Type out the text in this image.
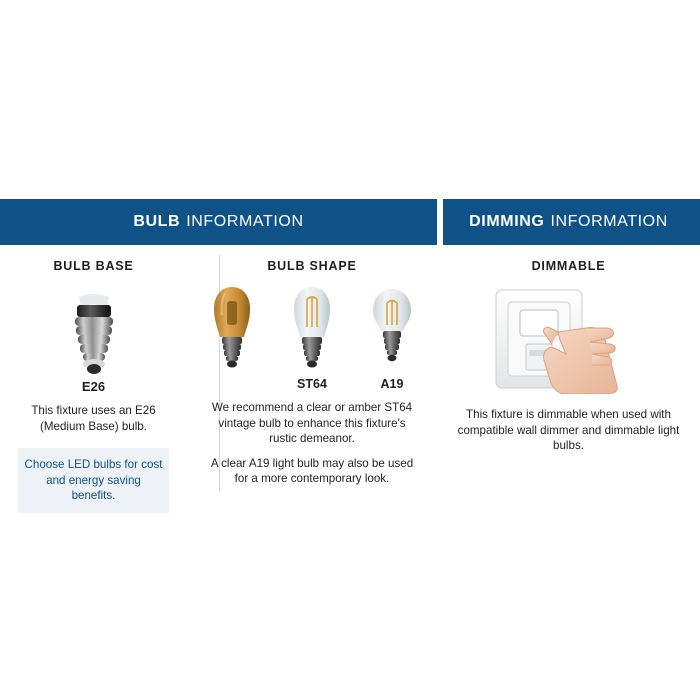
BULB INFORMATION
BULB BASE
E26
This fixture uses an E26 (Medium Base) bulb.
Choose LED bulbs for cost and energy saving benefits.
BULB SHAPE
ST64	A19
We recommend a clear or amber ST64 vintage bulb to enhance this fixture's rustic demeanor.
A clear A19 light bulb may also be used for a more contemporary look.
DIMMING INFORMATION
DIMMABLE
This fixture is dimmable when used with compatible wall dimmer and dimmable light bulbs.
